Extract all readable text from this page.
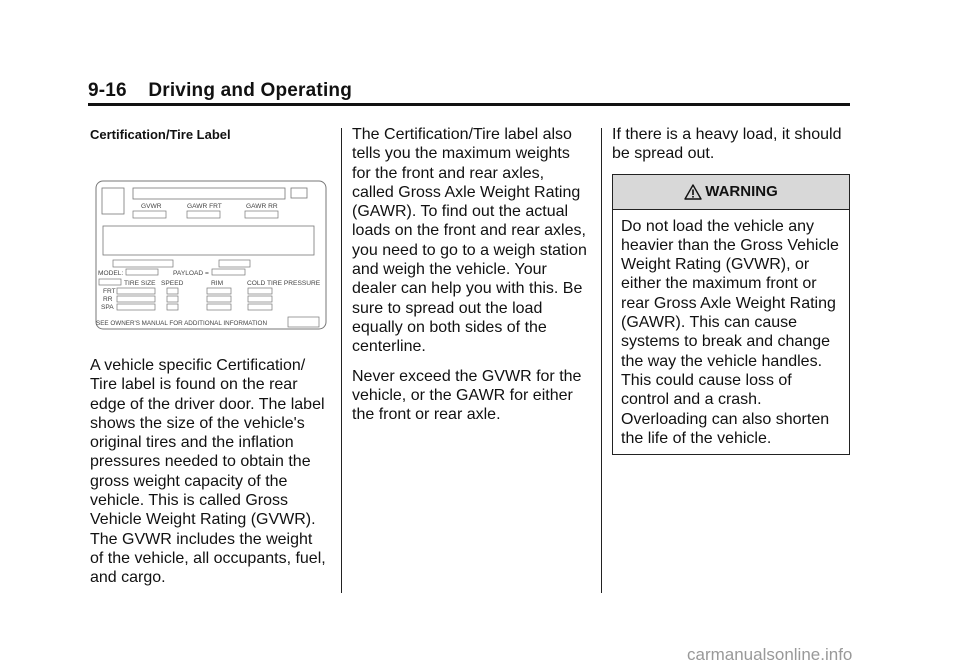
9-16 Driving and Operating
Certification/Tire Label
GVWR	GAWR FRT	GAWR RR
MODEL:	PAYLOAD =
TIRE SIZE SPEED	RIM	COLD TIRE PRESSURE
FRT
RR
SPA
SEE OWNER'S MANUAL FOR ADDITIONAL INFORMATION
A vehicle specific Certification/ Tire label is found on the rear edge of the driver door. The label shows the size of the vehicle's original tires and the inflation pressures needed to obtain the gross weight capacity of the vehicle. This is called Gross Vehicle Weight Rating (GVWR). The GVWR includes the weight of the vehicle, all occupants, fuel, and cargo.

The Certification/Tire label also tells you the maximum weights for the front and rear axles, called Gross Axle Weight Rating (GAWR). To find out the actual loads on the front and rear axles, you need to go to a weigh station and weigh the vehicle. Your dealer can help you with this. Be sure to spread out the load equally on both sides of the centerline.

Never exceed the GVWR for the vehicle, or the GAWR for either the front or rear axle.

If there is a heavy load, it should be spread out.

WARNING
Do not load the vehicle any heavier than the Gross Vehicle Weight Rating (GVWR), or either the maximum front or rear Gross Axle Weight Rating (GAWR). This can cause systems to break and change the way the vehicle handles. This could cause loss of control and a crash. Overloading can also shorten the life of the vehicle.
carmanualsonline.info
